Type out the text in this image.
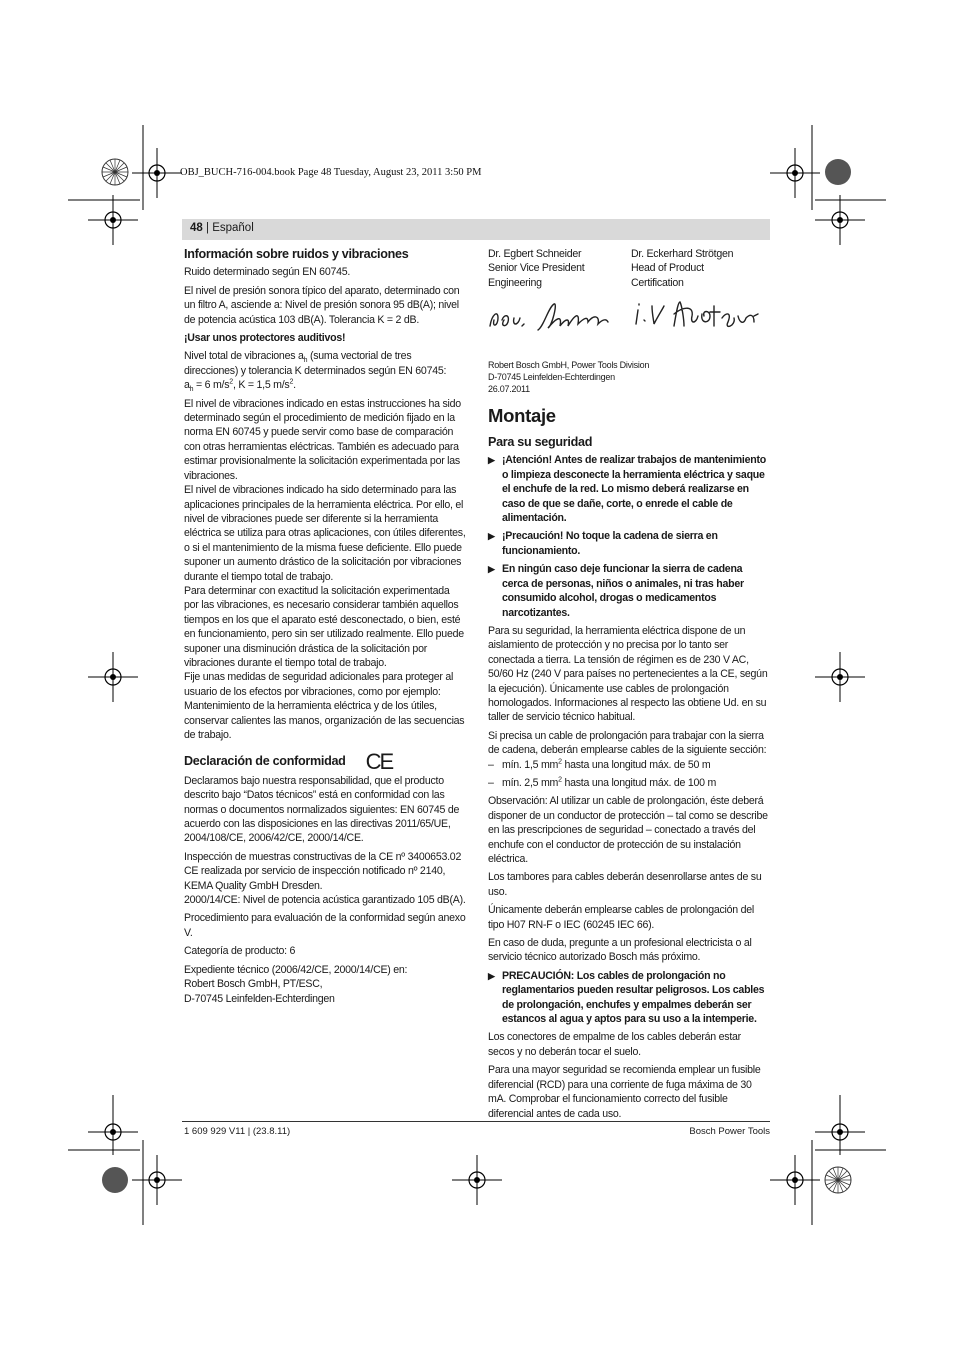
OBJ_BUCH-716-004.book Page 48 Tuesday, August 23, 2011 3:50 PM
48 | Español
Información sobre ruidos y vibraciones

Ruido determinado según EN 60745.

El nivel de presión sonora típico del aparato, determinado con un filtro A, asciende a: Nivel de presión sonora 95 dB(A); nivel de potencia acústica 103 dB(A). Tolerancia K = 2 dB.

¡Usar unos protectores auditivos!

Nivel total de vibraciones $a_h$ (suma vectorial de tres direcciones) y tolerancia K determinados según EN 60745:
$a_h = 6$ $m/s^2$, K = 1,5 $m/s^2$.

El nivel de vibraciones indicado en estas instrucciones ha sido determinado según el procedimiento de medición fijado en la norma EN 60745 y puede servir como base de comparación con otras herramientas eléctricas. También es adecuado para estimar provisionalmente la solicitación experimentada por las vibraciones.

El nivel de vibraciones indicado ha sido determinado para las aplicaciones principales de la herramienta eléctrica. Por ello, el nivel de vibraciones puede ser diferente si la herramienta eléctrica se utiliza para otras aplicaciones, con útiles diferentes, o si el mantenimiento de la misma fuese deficiente. Ello puede suponer un aumento drástico de la solicitación por vibraciones durante el tiempo total de trabajo.

Para determinar con exactitud la solicitación experimentada por las vibraciones, es necesario considerar también aquellos tiempos en los que el aparato esté desconectado, o bien, esté en funcionamiento, pero sin ser utilizado realmente. Ello puede suponer una disminución drástica de la solicitación por vibraciones durante el tiempo total de trabajo.

Fije unas medidas de seguridad adicionales para proteger al usuario de los efectos por vibraciones, como por ejemplo: Mantenimiento de la herramienta eléctrica y de los útiles, conservar calientes las manos, organización de las secuencias de trabajo.

Declaración de conformidad CE

Declaramos bajo nuestra responsabilidad, que el producto descrito bajo “Datos técnicos” está en conformidad con las normas o documentos normalizados siguientes: EN 60745 de acuerdo con las disposiciones en las directivas 2011/65/UE, 2004/108/CE, 2006/42/CE, 2000/14/CE.

Inspección de muestras constructivas de la CE nº 3400653.02 CE realizada por servicio de inspección notificado nº 2140, KEMA Quality GmbH Dresden.

2000/14/CE: Nivel de potencia acústica garantizado 105 dB(A).

Procedimiento para evaluación de la conformidad según anexo V.

Categoría de producto: 6

Expediente técnico (2006/42/CE, 2000/14/CE) en:

Robert Bosch GmbH, PT/ESC,

D-70745 Leinfelden-Echterdingen

Dr. Egbert Schneider
Senior Vice President
Engineering
Dr. Eckerhard Strötgen
Head of Product
Certification
Robert Bosch GmbH, Power Tools Division
D-70745 Leinfelden-Echterdingen
26.07.2011
Montaje
Para su seguridad
▶ ¡Atención! Antes de realizar trabajos de mantenimiento o limpieza desconecte la herramienta eléctrica y saque el enchufe de la red. Lo mismo deberá realizarse en caso de que se dañe, corte, o enrede el cable de alimentación.
▶ ¡Precaución! No toque la cadena de sierra en funcionamiento.
▶ En ningún caso deje funcionar la sierra de cadena cerca de personas, niños o animales, ni tras haber consumido alcohol, drogas o medicamentos narcotizantes.

Para su seguridad, la herramienta eléctrica dispone de un aislamiento de protección y no precisa por lo tanto ser conectada a tierra. La tensión de régimen es de 230 V AC, 50/60 Hz (240 V para países no pertenecientes a la CE, según la ejecución). Únicamente use cables de prolongación homologados. Informaciones al respecto las obtiene Ud. en su taller de servicio técnico habitual.

Si precisa un cable de prolongación para trabajar con la sierra de cadena, deberán emplearse cables de la siguiente sección:

– mín. 1,5 $mm^2$ hasta una longitud máx. de 50 m

– mín. 2,5 $mm^2$ hasta una longitud máx. de 100 m

Observación: Al utilizar un cable de prolongación, éste deberá disponer de un conductor de protección – tal como se describe en las prescripciones de seguridad – conectado a través del enchufe con el conductor de protección de su instalación eléctrica.

Los tambores para cables deberán desenrollarse antes de su uso.

Únicamente deberán emplearse cables de prolongación del tipo H07 RN-F o IEC (60245 IEC 66).

En caso de duda, pregunte a un profesional electricista o al servicio técnico autorizado Bosch más próximo.

▶ PRECAUCIÓN: Los cables de prolongación no reglamentarios pueden resultar peligrosos. Los cables de prolongación, enchufes y empalmes deberán ser estancos al agua y aptos para su uso a la intemperie.

Los conectores de empalme de los cables deberán estar secos y no deberán tocar el suelo.

Para una mayor seguridad se recomienda emplear un fusible diferencial (RCD) para una corriente de fuga máxima de 30 mA. Comprobar el funcionamiento correcto del fusible diferencial antes de cada uso.

1 609 929 V11 | (23.8.11)	Bosch Power Tools
